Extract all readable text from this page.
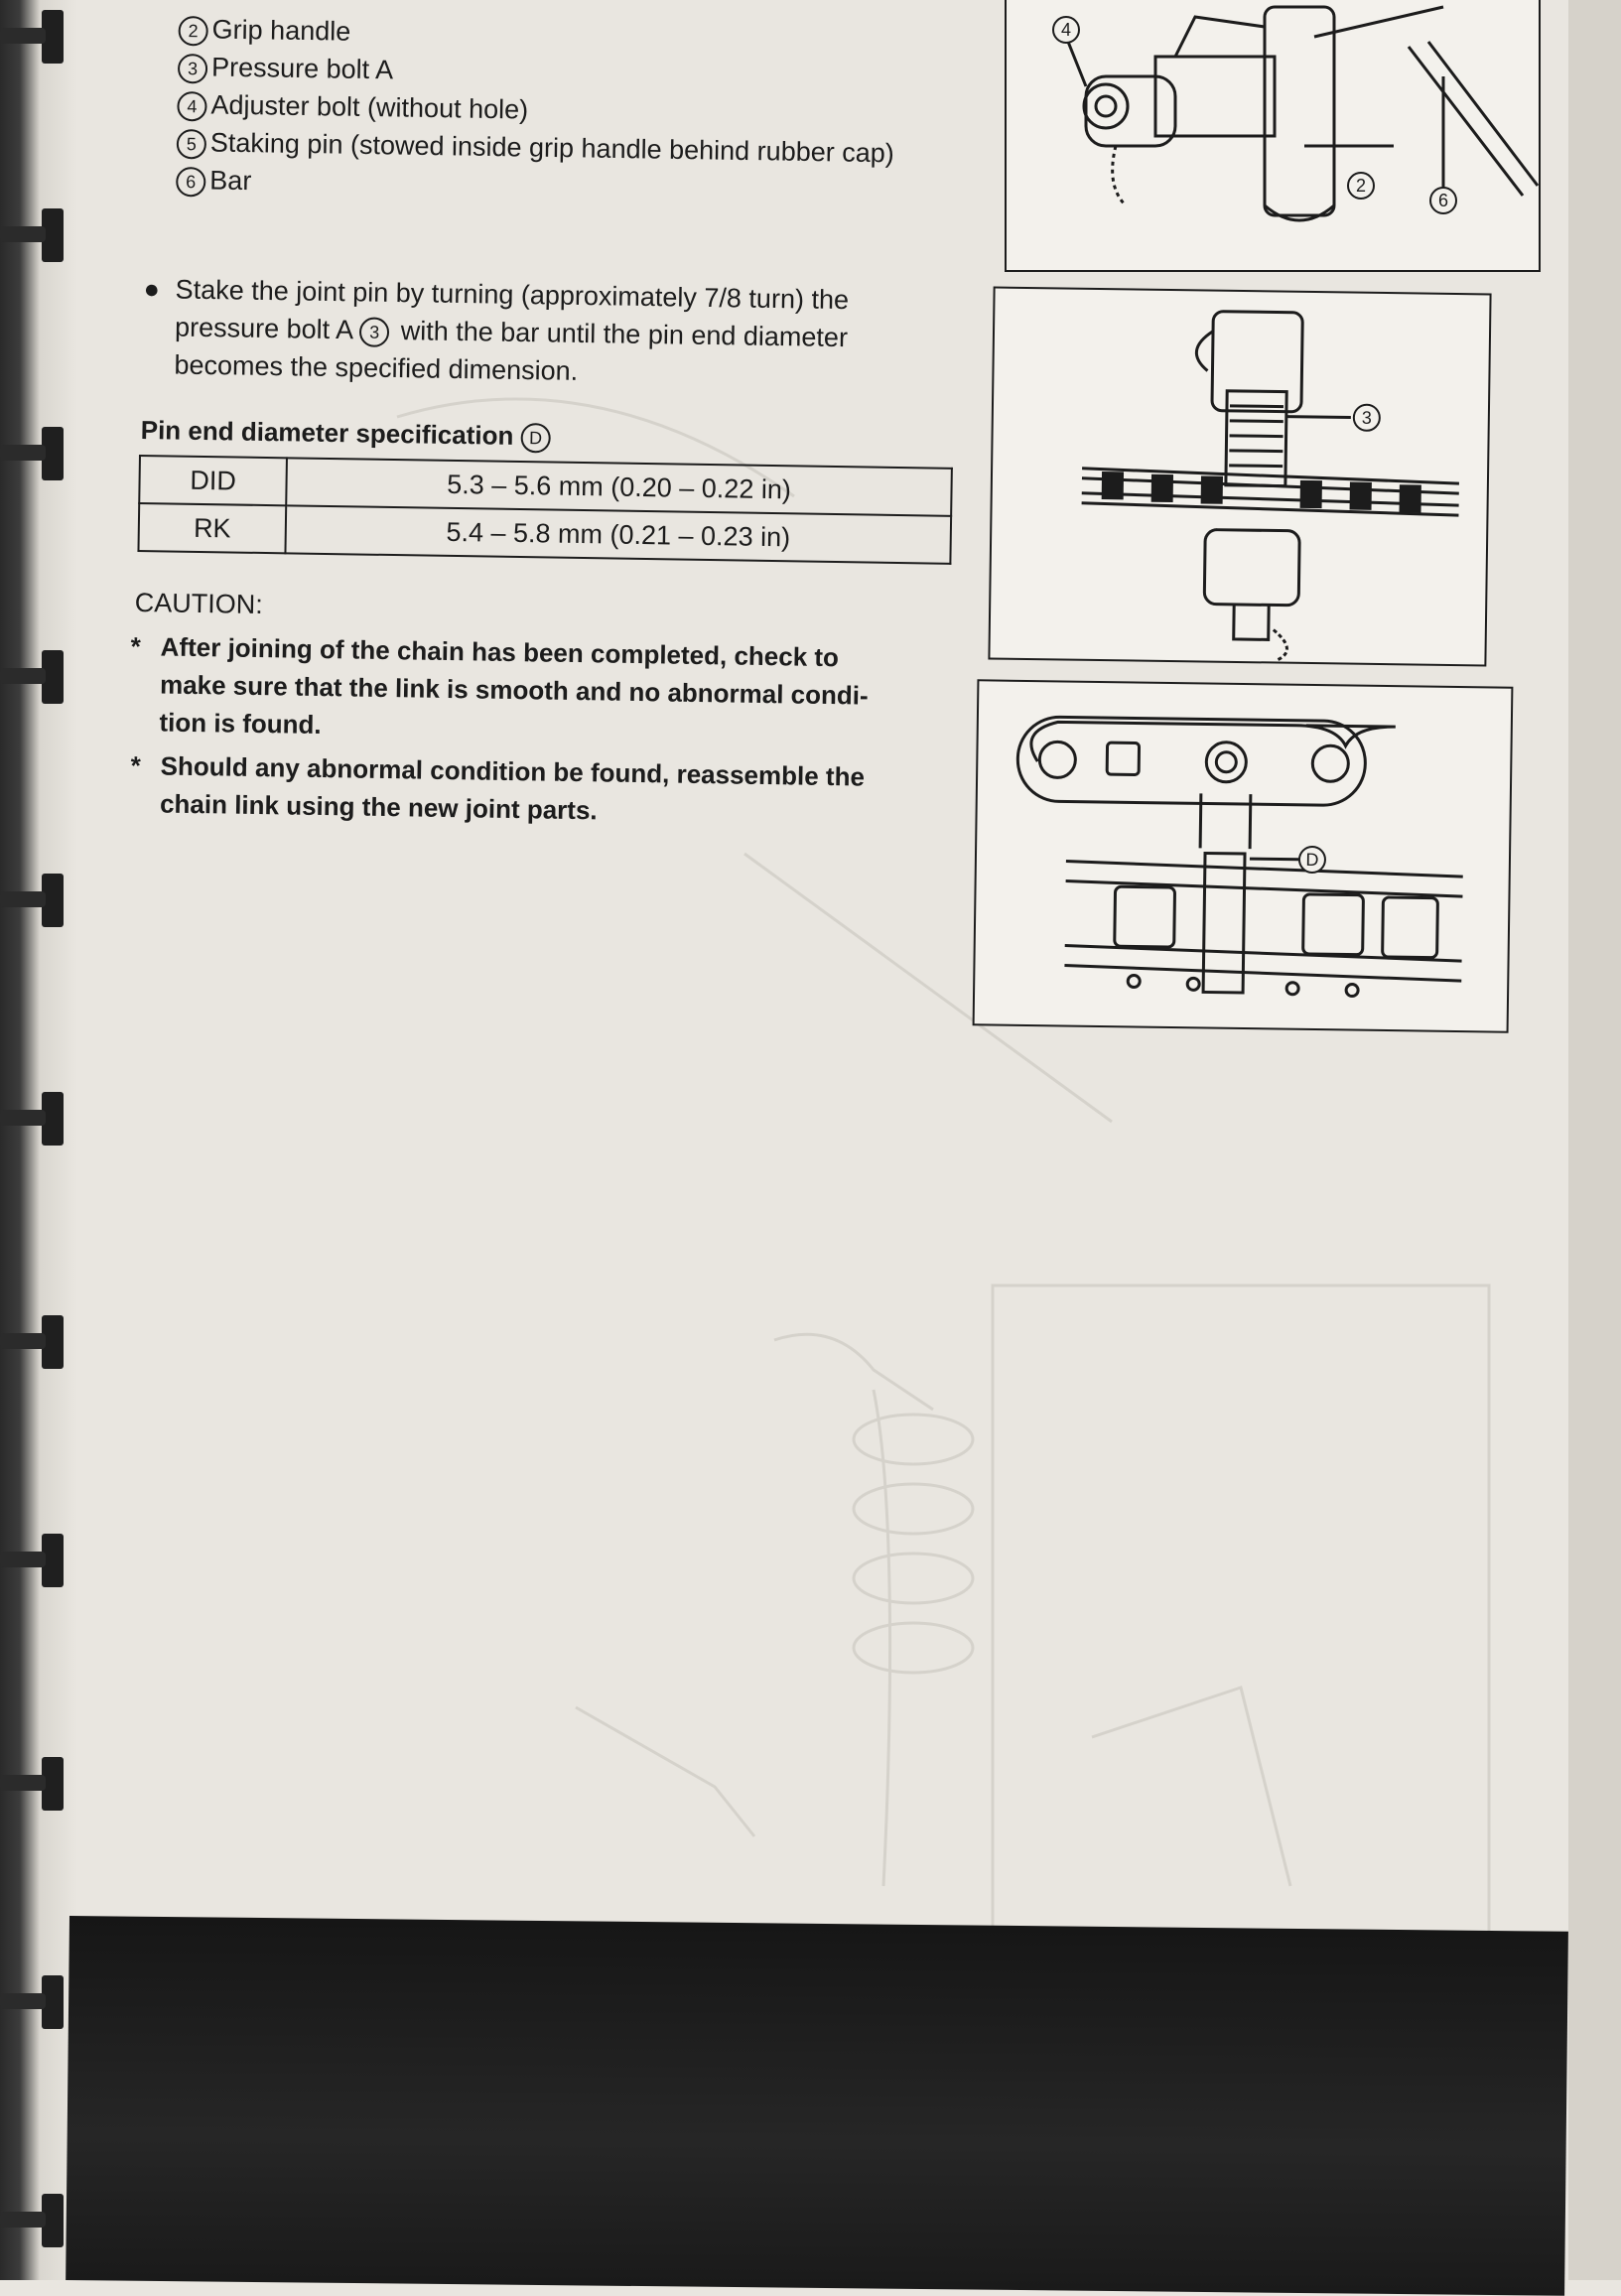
2 Grip handle
3 Pressure bolt A
4 Adjuster bolt (without hole)
5 Staking pin (stowed inside grip handle behind rubber cap)
6 Bar
● Stake the joint pin by turning (approximately 7/8 turn) the
pressure bolt A 3 with the bar until the pin end diameter
becomes the specified dimension.
Pin end diameter specification D
DID	5.3 – 5.6 mm (0.20 – 0.22 in)
RK	5.4 – 5.8 mm (0.21 – 0.23 in)
CAUTION:
* After joining of the chain has been completed, check to
make sure that the link is smooth and no abnormal condi-
tion is found.
* Should any abnormal condition be found, reassemble the
chain link using the new joint parts.
4
2
6
3
D
